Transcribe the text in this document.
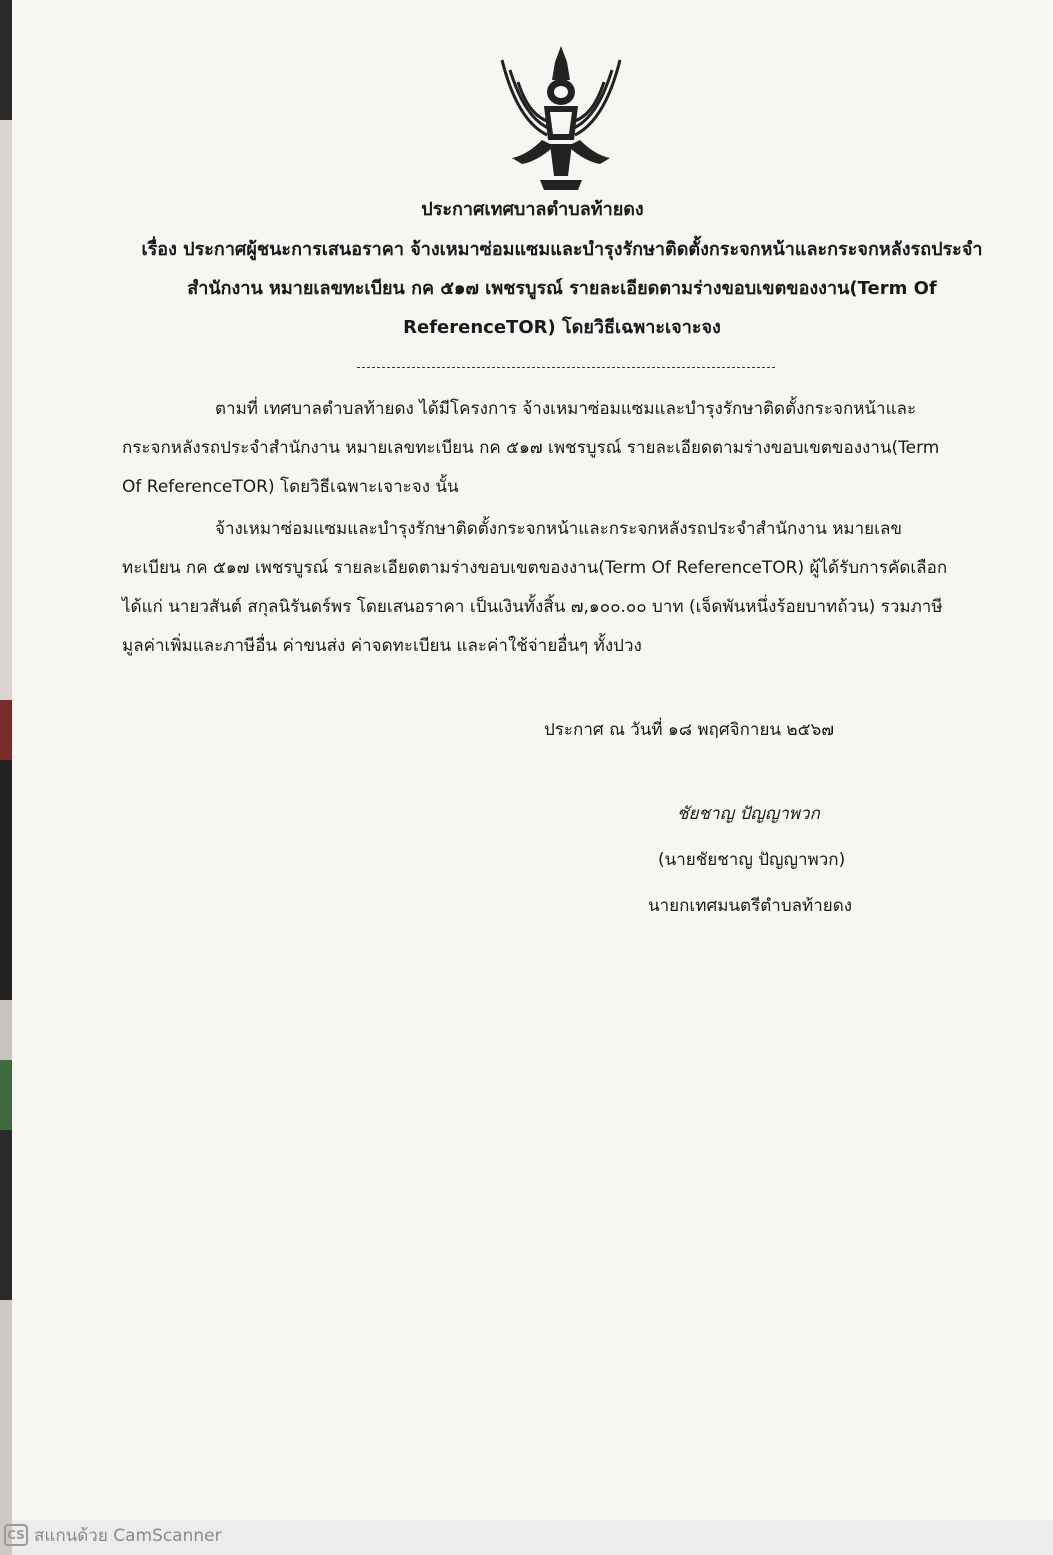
ประกาศเทศบาลตำบลท้ายดง
เรื่อง ประกาศผู้ชนะการเสนอราคา จ้างเหมาซ่อมแซมและบำรุงรักษาติดตั้งกระจกหน้าและกระจกหลังรถประจำ
สำนักงาน หมายเลขทะเบียน กค ๕๑๗ เพชรบูรณ์ รายละเอียดตามร่างขอบเขตของงาน(Term Of
ReferenceTOR) โดยวิธีเฉพาะเจาะจง
ตามที่ เทศบาลตำบลท้ายดง ได้มีโครงการ จ้างเหมาซ่อมแซมและบำรุงรักษาติดตั้งกระจกหน้าและ
กระจกหลังรถประจำสำนักงาน หมายเลขทะเบียน กค ๕๑๗ เพชรบูรณ์ รายละเอียดตามร่างขอบเขตของงาน(Term
Of ReferenceTOR) โดยวิธีเฉพาะเจาะจง นั้น
จ้างเหมาซ่อมแซมและบำรุงรักษาติดตั้งกระจกหน้าและกระจกหลังรถประจำสำนักงาน หมายเลข
ทะเบียน กค ๕๑๗ เพชรบูรณ์ รายละเอียดตามร่างขอบเขตของงาน(Term Of ReferenceTOR) ผู้ได้รับการคัดเลือก
ได้แก่ นายวสันต์ สกุลนิรันดร์พร โดยเสนอราคา เป็นเงินทั้งสิ้น ๗,๑๐๐.๐๐ บาท (เจ็ดพันหนึ่งร้อยบาทถ้วน) รวมภาษี
มูลค่าเพิ่มและภาษีอื่น ค่าขนส่ง ค่าจดทะเบียน และค่าใช้จ่ายอื่นๆ ทั้งปวง
ประกาศ ณ วันที่ ๑๘ พฤศจิกายน ๒๕๖๗
ชัยชาญ ปัญญาพวก
(นายชัยชาญ ปัญญาพวก)
นายกเทศมนตรีตำบลท้ายดง
CS สแกนด้วย CamScanner
